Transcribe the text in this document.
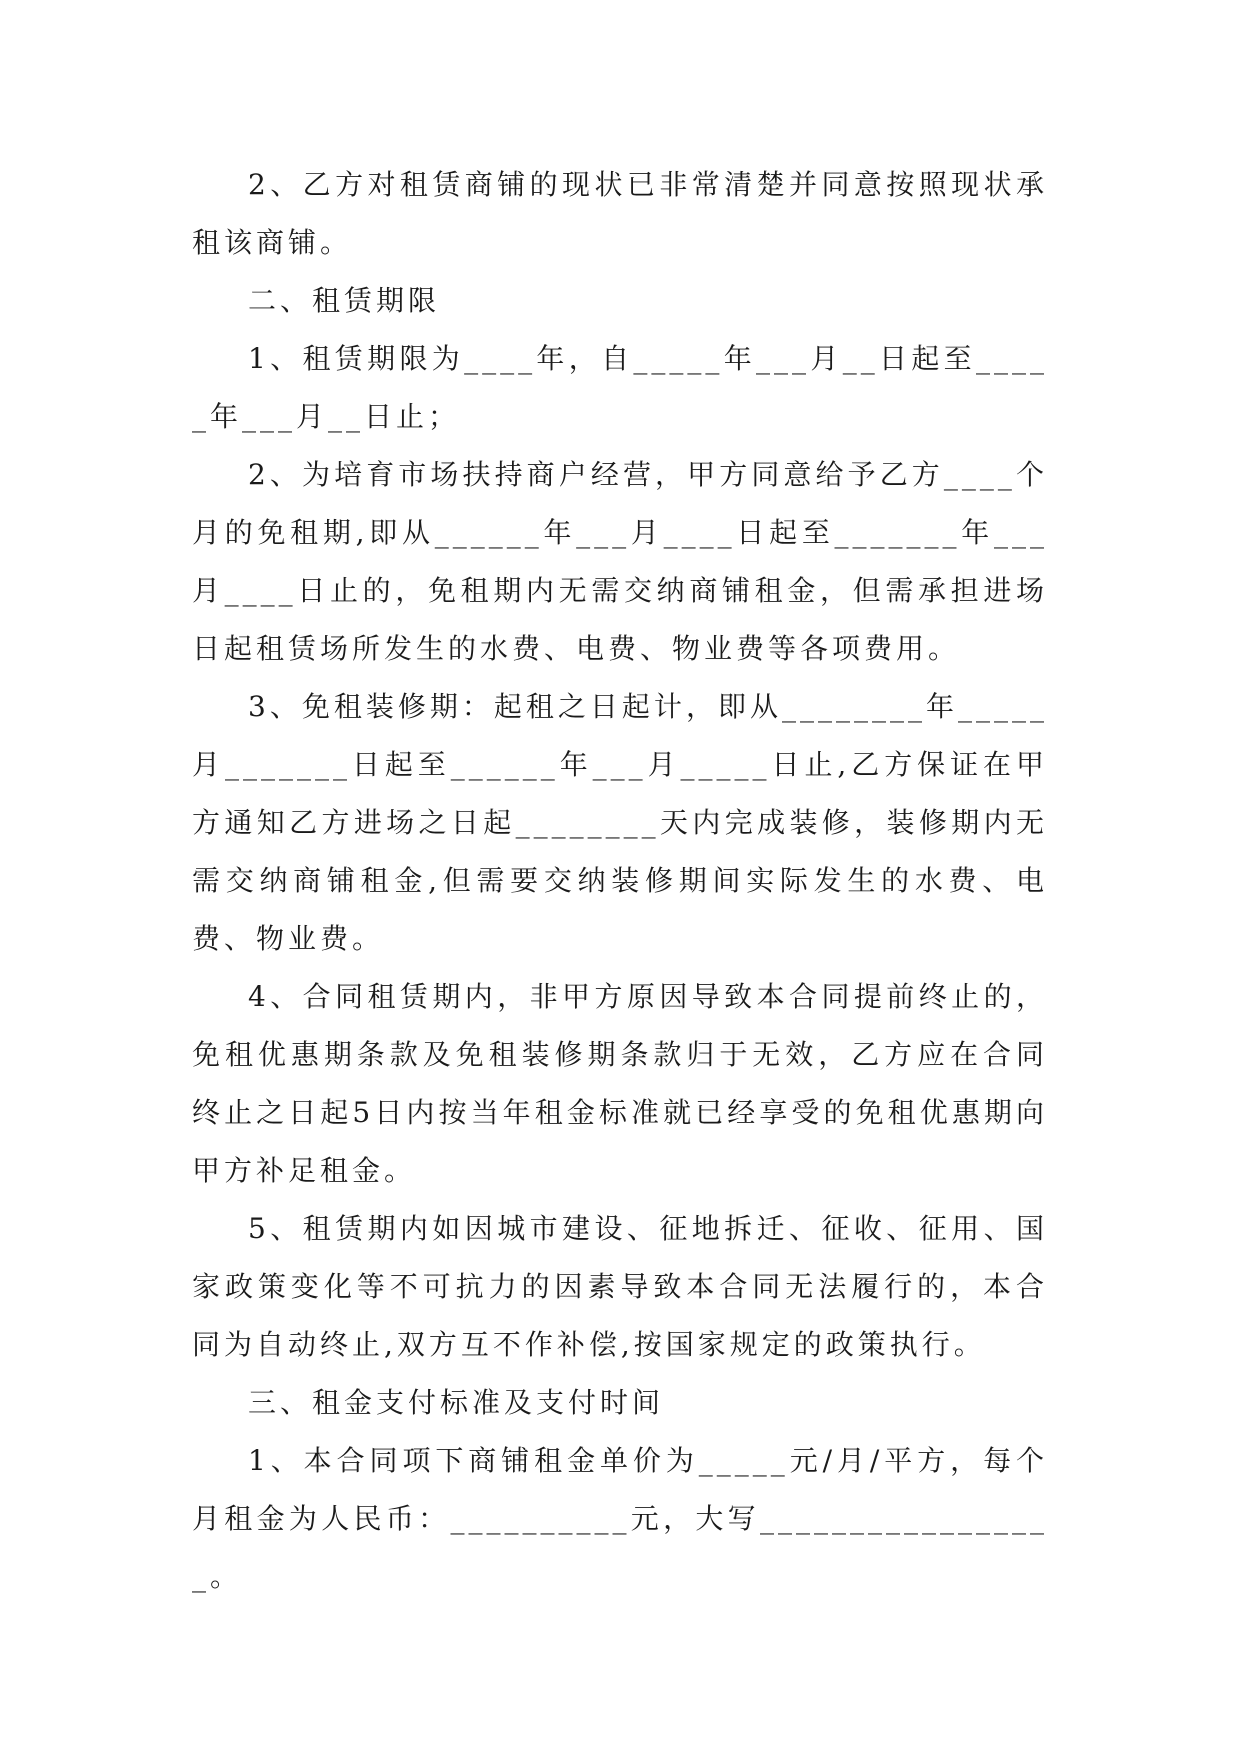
2、乙方对租赁商铺的现状已非常清楚并同意按照现状承租该商铺。

二、租赁期限

1、租赁期限为____年，自_____年___月__日起至_____年___月__日止；

2、为培育市场扶持商户经营，甲方同意给予乙方____个月的免租期,即从______年___月____日起至_______年___月____日止的，免租期内无需交纳商铺租金，但需承担进场日起租赁场所发生的水费、电费、物业费等各项费用。

3、免租装修期：起租之日起计，即从________年_____月_______日起至______年___月_____日止,乙方保证在甲方通知乙方进场之日起________天内完成装修，装修期内无需交纳商铺租金,但需要交纳装修期间实际发生的水费、电费、物业费。

4、合同租赁期内，非甲方原因导致本合同提前终止的，免租优惠期条款及免租装修期条款归于无效，乙方应在合同终止之日起5日内按当年租金标准就已经享受的免租优惠期向甲方补足租金。

5、租赁期内如因城市建设、征地拆迁、征收、征用、国家政策变化等不可抗力的因素导致本合同无法履行的，本合同为自动终止,双方互不作补偿,按国家规定的政策执行。

三、租金支付标准及支付时间

1、本合同项下商铺租金单价为_____元/月/平方，每个月租金为人民币：__________元，大写_________________。
